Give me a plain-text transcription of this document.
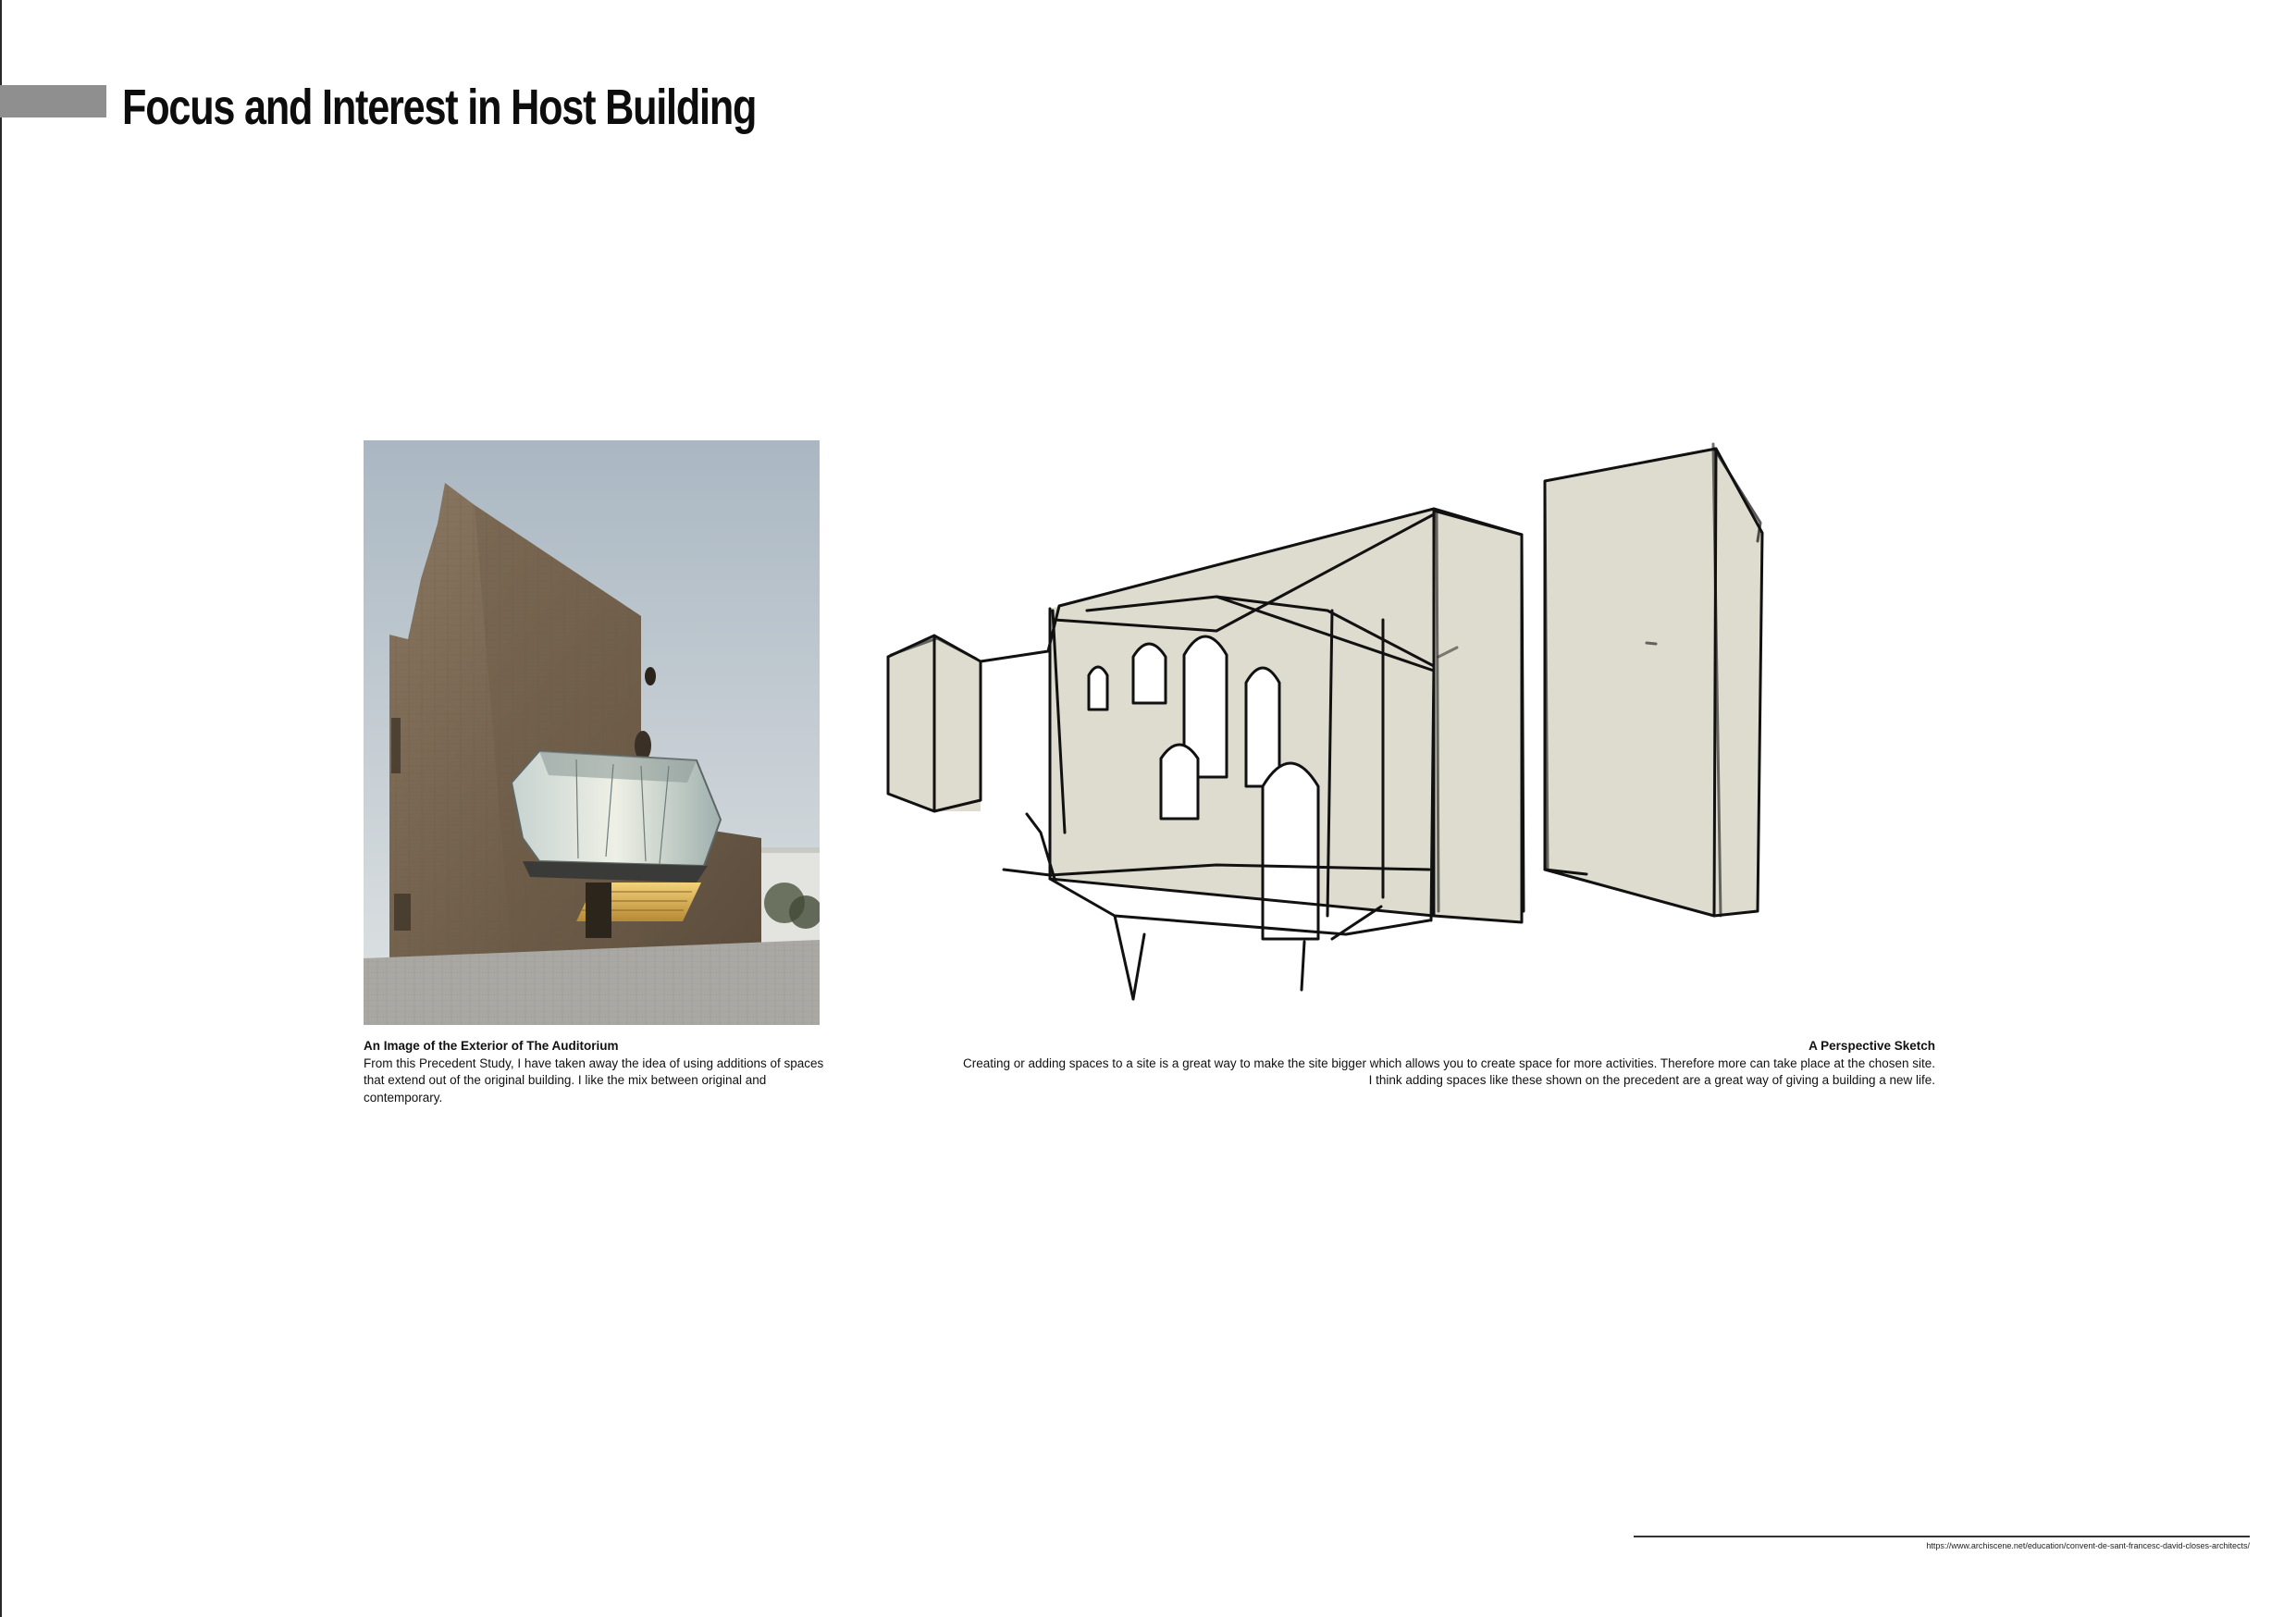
Focus and Interest in Host Building
An Image of the Exterior of The Auditorium
From this Precedent Study, I have taken away the idea of using additions of spaces that extend out of the original building. I like the mix between original and contemporary.
A Perspective Sketch
Creating or adding spaces to a site is a great way to make the site bigger which allows you to create space for more activities. Therefore more can take place at the chosen site. I think adding spaces like these shown on the precedent are a great way of giving a building a new life.
https://www.archiscene.net/education/convent-de-sant-francesc-david-closes-architects/
